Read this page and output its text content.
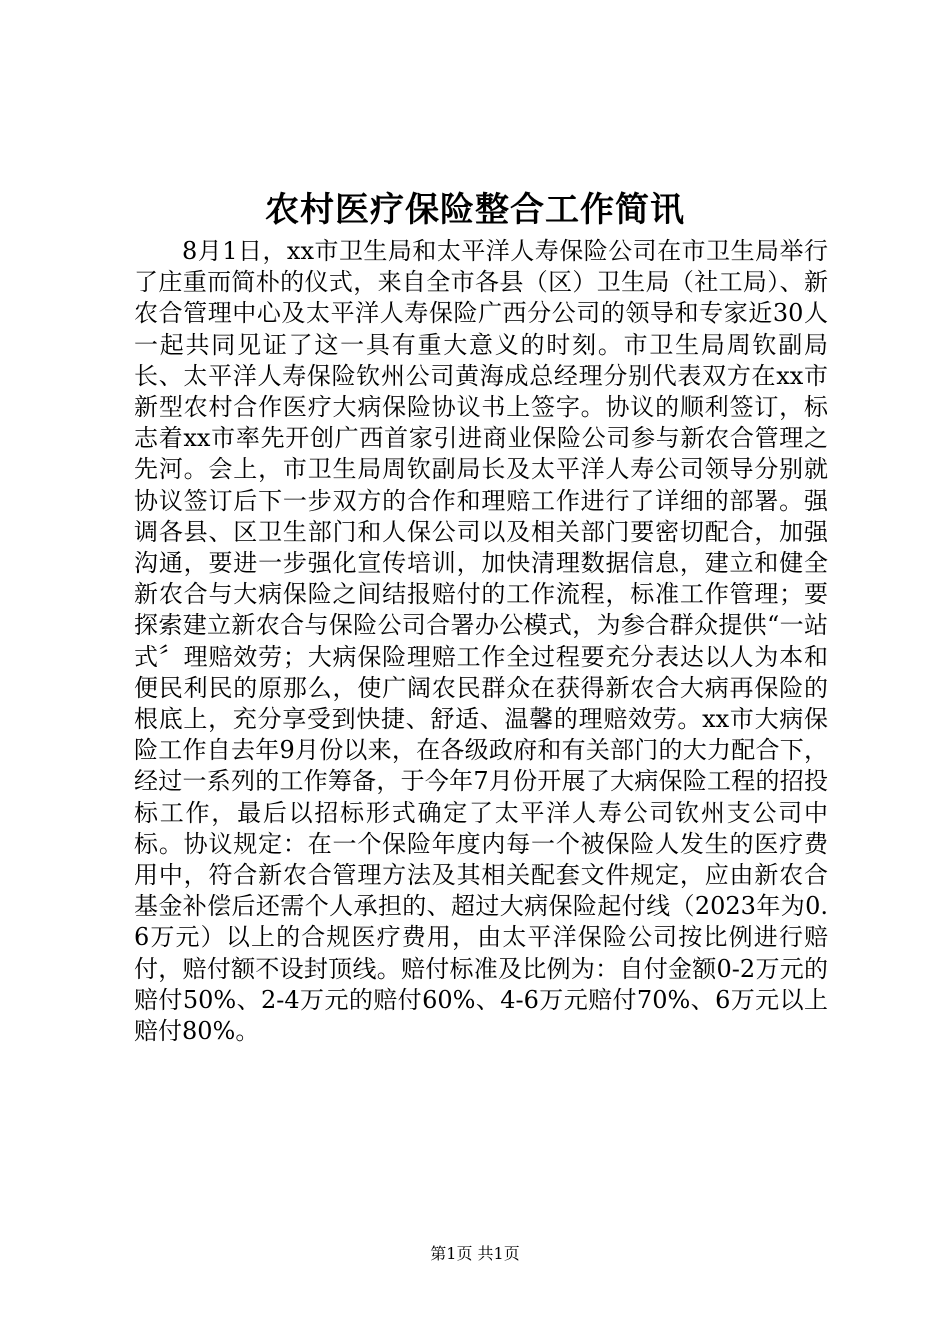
农村医疗保险整合工作简讯

8月1日，xx市卫生局和太平洋人寿保险公司在市卫生局举行了庄重而简朴的仪式，来自全市各县（区）卫生局（社工局）、新农合管理中心及太平洋人寿保险广西分公司的领导和专家近30人一起共同见证了这一具有重大意义的时刻。市卫生局周钦副局长、太平洋人寿保险钦州公司黄海成总经理分别代表双方在xx市新型农村合作医疗大病保险协议书上签字。协议的顺利签订，标志着xx市率先开创广西首家引进商业保险公司参与新农合管理之先河。会上，市卫生局周钦副局长及太平洋人寿公司领导分别就协议签订后下一步双方的合作和理赔工作进行了详细的部署。强调各县、区卫生部门和人保公司以及相关部门要密切配合，加强沟通，要进一步强化宣传培训，加快清理数据信息，建立和健全新农合与大病保险之间结报赔付的工作流程，标准工作管理；要探索建立新农合与保险公司合署办公模式，为参合群众提供“一站式〞理赔效劳；大病保险理赔工作全过程要充分表达以人为本和便民利民的原那么，使广阔农民群众在获得新农合大病再保险的根底上，充分享受到快捷、舒适、温馨的理赔效劳。xx市大病保险工作自去年9月份以来，在各级政府和有关部门的大力配合下，经过一系列的工作筹备，于今年7月份开展了大病保险工程的招投标工作，最后以招标形式确定了太平洋人寿公司钦州支公司中标。协议规定：在一个保险年度内每一个被保险人发生的医疗费用中，符合新农合管理方法及其相关配套文件规定，应由新农合基金补偿后还需个人承担的、超过大病保险起付线（2023年为0.6万元）以上的合规医疗费用，由太平洋保险公司按比例进行赔付，赔付额不设封顶线。赔付标准及比例为：自付金额0-2万元的赔付50%、2-4万元的赔付60%、4-6万元赔付70%、6万元以上赔付80%。

第1页 共1页
